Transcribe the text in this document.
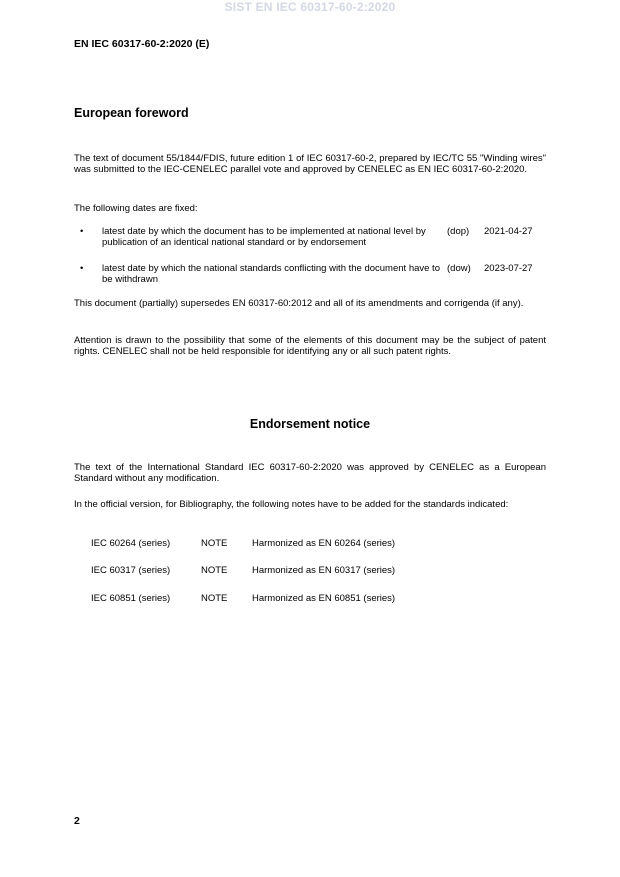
SIST EN IEC 60317-60-2:2020
EN IEC 60317-60-2:2020 (E)
European foreword
The text of document 55/1844/FDIS, future edition 1 of IEC 60317-60-2, prepared by IEC/TC 55 "Winding wires" was submitted to the IEC-CENELEC parallel vote and approved by CENELEC as EN IEC 60317-60-2:2020.
The following dates are fixed:
• latest date by which the document has to be implemented at national level by publication of an identical national standard or by endorsement
(dop) 2021-04-27
• latest date by which the national standards conflicting with the document have to be withdrawn
(dow) 2023-07-27
This document (partially) supersedes EN 60317-60:2012 and all of its amendments and corrigenda (if any).
Attention is drawn to the possibility that some of the elements of this document may be the subject of patent rights. CENELEC shall not be held responsible for identifying any or all such patent rights.
Endorsement notice
The text of the International Standard IEC 60317-60-2:2020 was approved by CENELEC as a European Standard without any modification.
In the official version, for Bibliography, the following notes have to be added for the standards indicated:
IEC 60264 (series)	NOTE	Harmonized as EN 60264 (series)
IEC 60317 (series)	NOTE	Harmonized as EN 60317 (series)
IEC 60851 (series)	NOTE	Harmonized as EN 60851 (series)
2
